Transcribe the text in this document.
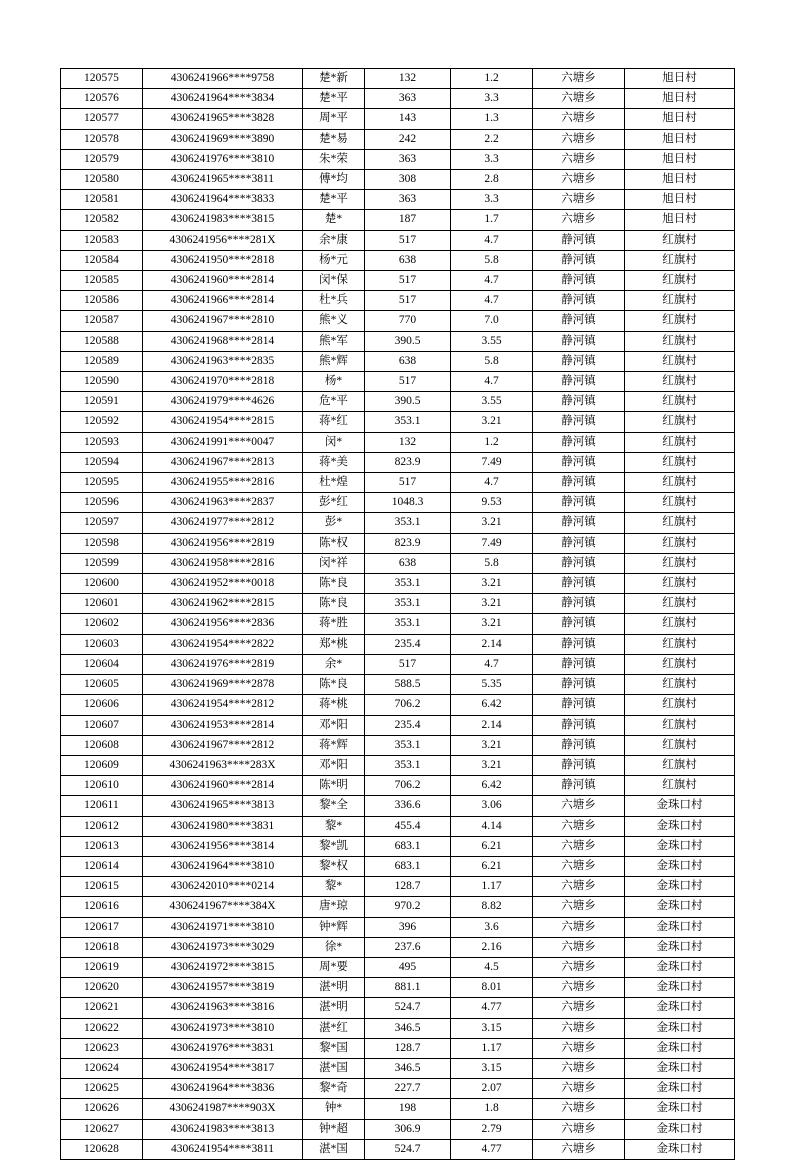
120575	4306241966****9758	楚*新	132	1.2	六塘乡	旭日村
120576	4306241964****3834	楚*平	363	3.3	六塘乡	旭日村
120577	4306241965****3828	周*平	143	1.3	六塘乡	旭日村
120578	4306241969****3890	楚*易	242	2.2	六塘乡	旭日村
120579	4306241976****3810	朱*荣	363	3.3	六塘乡	旭日村
120580	4306241965****3811	傅*均	308	2.8	六塘乡	旭日村
120581	4306241964****3833	楚*平	363	3.3	六塘乡	旭日村
120582	4306241983****3815	楚*	187	1.7	六塘乡	旭日村
120583	4306241956****281X	余*康	517	4.7	静河镇	红旗村
120584	4306241950****2818	杨*元	638	5.8	静河镇	红旗村
120585	4306241960****2814	闵*保	517	4.7	静河镇	红旗村
120586	4306241966****2814	杜*兵	517	4.7	静河镇	红旗村
120587	4306241967****2810	熊*义	770	7.0	静河镇	红旗村
120588	4306241968****2814	熊*军	390.5	3.55	静河镇	红旗村
120589	4306241963****2835	熊*辉	638	5.8	静河镇	红旗村
120590	4306241970****2818	杨*	517	4.7	静河镇	红旗村
120591	4306241979****4626	危*平	390.5	3.55	静河镇	红旗村
120592	4306241954****2815	蒋*红	353.1	3.21	静河镇	红旗村
120593	4306241991****0047	闵*	132	1.2	静河镇	红旗村
120594	4306241967****2813	蒋*美	823.9	7.49	静河镇	红旗村
120595	4306241955****2816	杜*煌	517	4.7	静河镇	红旗村
120596	4306241963****2837	彭*红	1048.3	9.53	静河镇	红旗村
120597	4306241977****2812	彭*	353.1	3.21	静河镇	红旗村
120598	4306241956****2819	陈*权	823.9	7.49	静河镇	红旗村
120599	4306241958****2816	闵*祥	638	5.8	静河镇	红旗村
120600	4306241952****0018	陈*良	353.1	3.21	静河镇	红旗村
120601	4306241962****2815	陈*良	353.1	3.21	静河镇	红旗村
120602	4306241956****2836	蒋*胜	353.1	3.21	静河镇	红旗村
120603	4306241954****2822	郑*桃	235.4	2.14	静河镇	红旗村
120604	4306241976****2819	余*	517	4.7	静河镇	红旗村
120605	4306241969****2878	陈*良	588.5	5.35	静河镇	红旗村
120606	4306241954****2812	蒋*桃	706.2	6.42	静河镇	红旗村
120607	4306241953****2814	邓*阳	235.4	2.14	静河镇	红旗村
120608	4306241967****2812	蒋*辉	353.1	3.21	静河镇	红旗村
120609	4306241963****283X	邓*阳	353.1	3.21	静河镇	红旗村
120610	4306241960****2814	陈*明	706.2	6.42	静河镇	红旗村
120611	4306241965****3813	黎*全	336.6	3.06	六塘乡	金珠口村
120612	4306241980****3831	黎*	455.4	4.14	六塘乡	金珠口村
120613	4306241956****3814	黎*凯	683.1	6.21	六塘乡	金珠口村
120614	4306241964****3810	黎*权	683.1	6.21	六塘乡	金珠口村
120615	4306242010****0214	黎*	128.7	1.17	六塘乡	金珠口村
120616	4306241967****384X	唐*琼	970.2	8.82	六塘乡	金珠口村
120617	4306241971****3810	钟*辉	396	3.6	六塘乡	金珠口村
120618	4306241973****3029	徐*	237.6	2.16	六塘乡	金珠口村
120619	4306241972****3815	周*要	495	4.5	六塘乡	金珠口村
120620	4306241957****3819	湛*明	881.1	8.01	六塘乡	金珠口村
120621	4306241963****3816	湛*明	524.7	4.77	六塘乡	金珠口村
120622	4306241973****3810	湛*红	346.5	3.15	六塘乡	金珠口村
120623	4306241976****3831	黎*国	128.7	1.17	六塘乡	金珠口村
120624	4306241954****3817	湛*国	346.5	3.15	六塘乡	金珠口村
120625	4306241964****3836	黎*奇	227.7	2.07	六塘乡	金珠口村
120626	4306241987****903X	钟*	198	1.8	六塘乡	金珠口村
120627	4306241983****3813	钟*超	306.9	2.79	六塘乡	金珠口村
120628	4306241954****3811	湛*国	524.7	4.77	六塘乡	金珠口村
